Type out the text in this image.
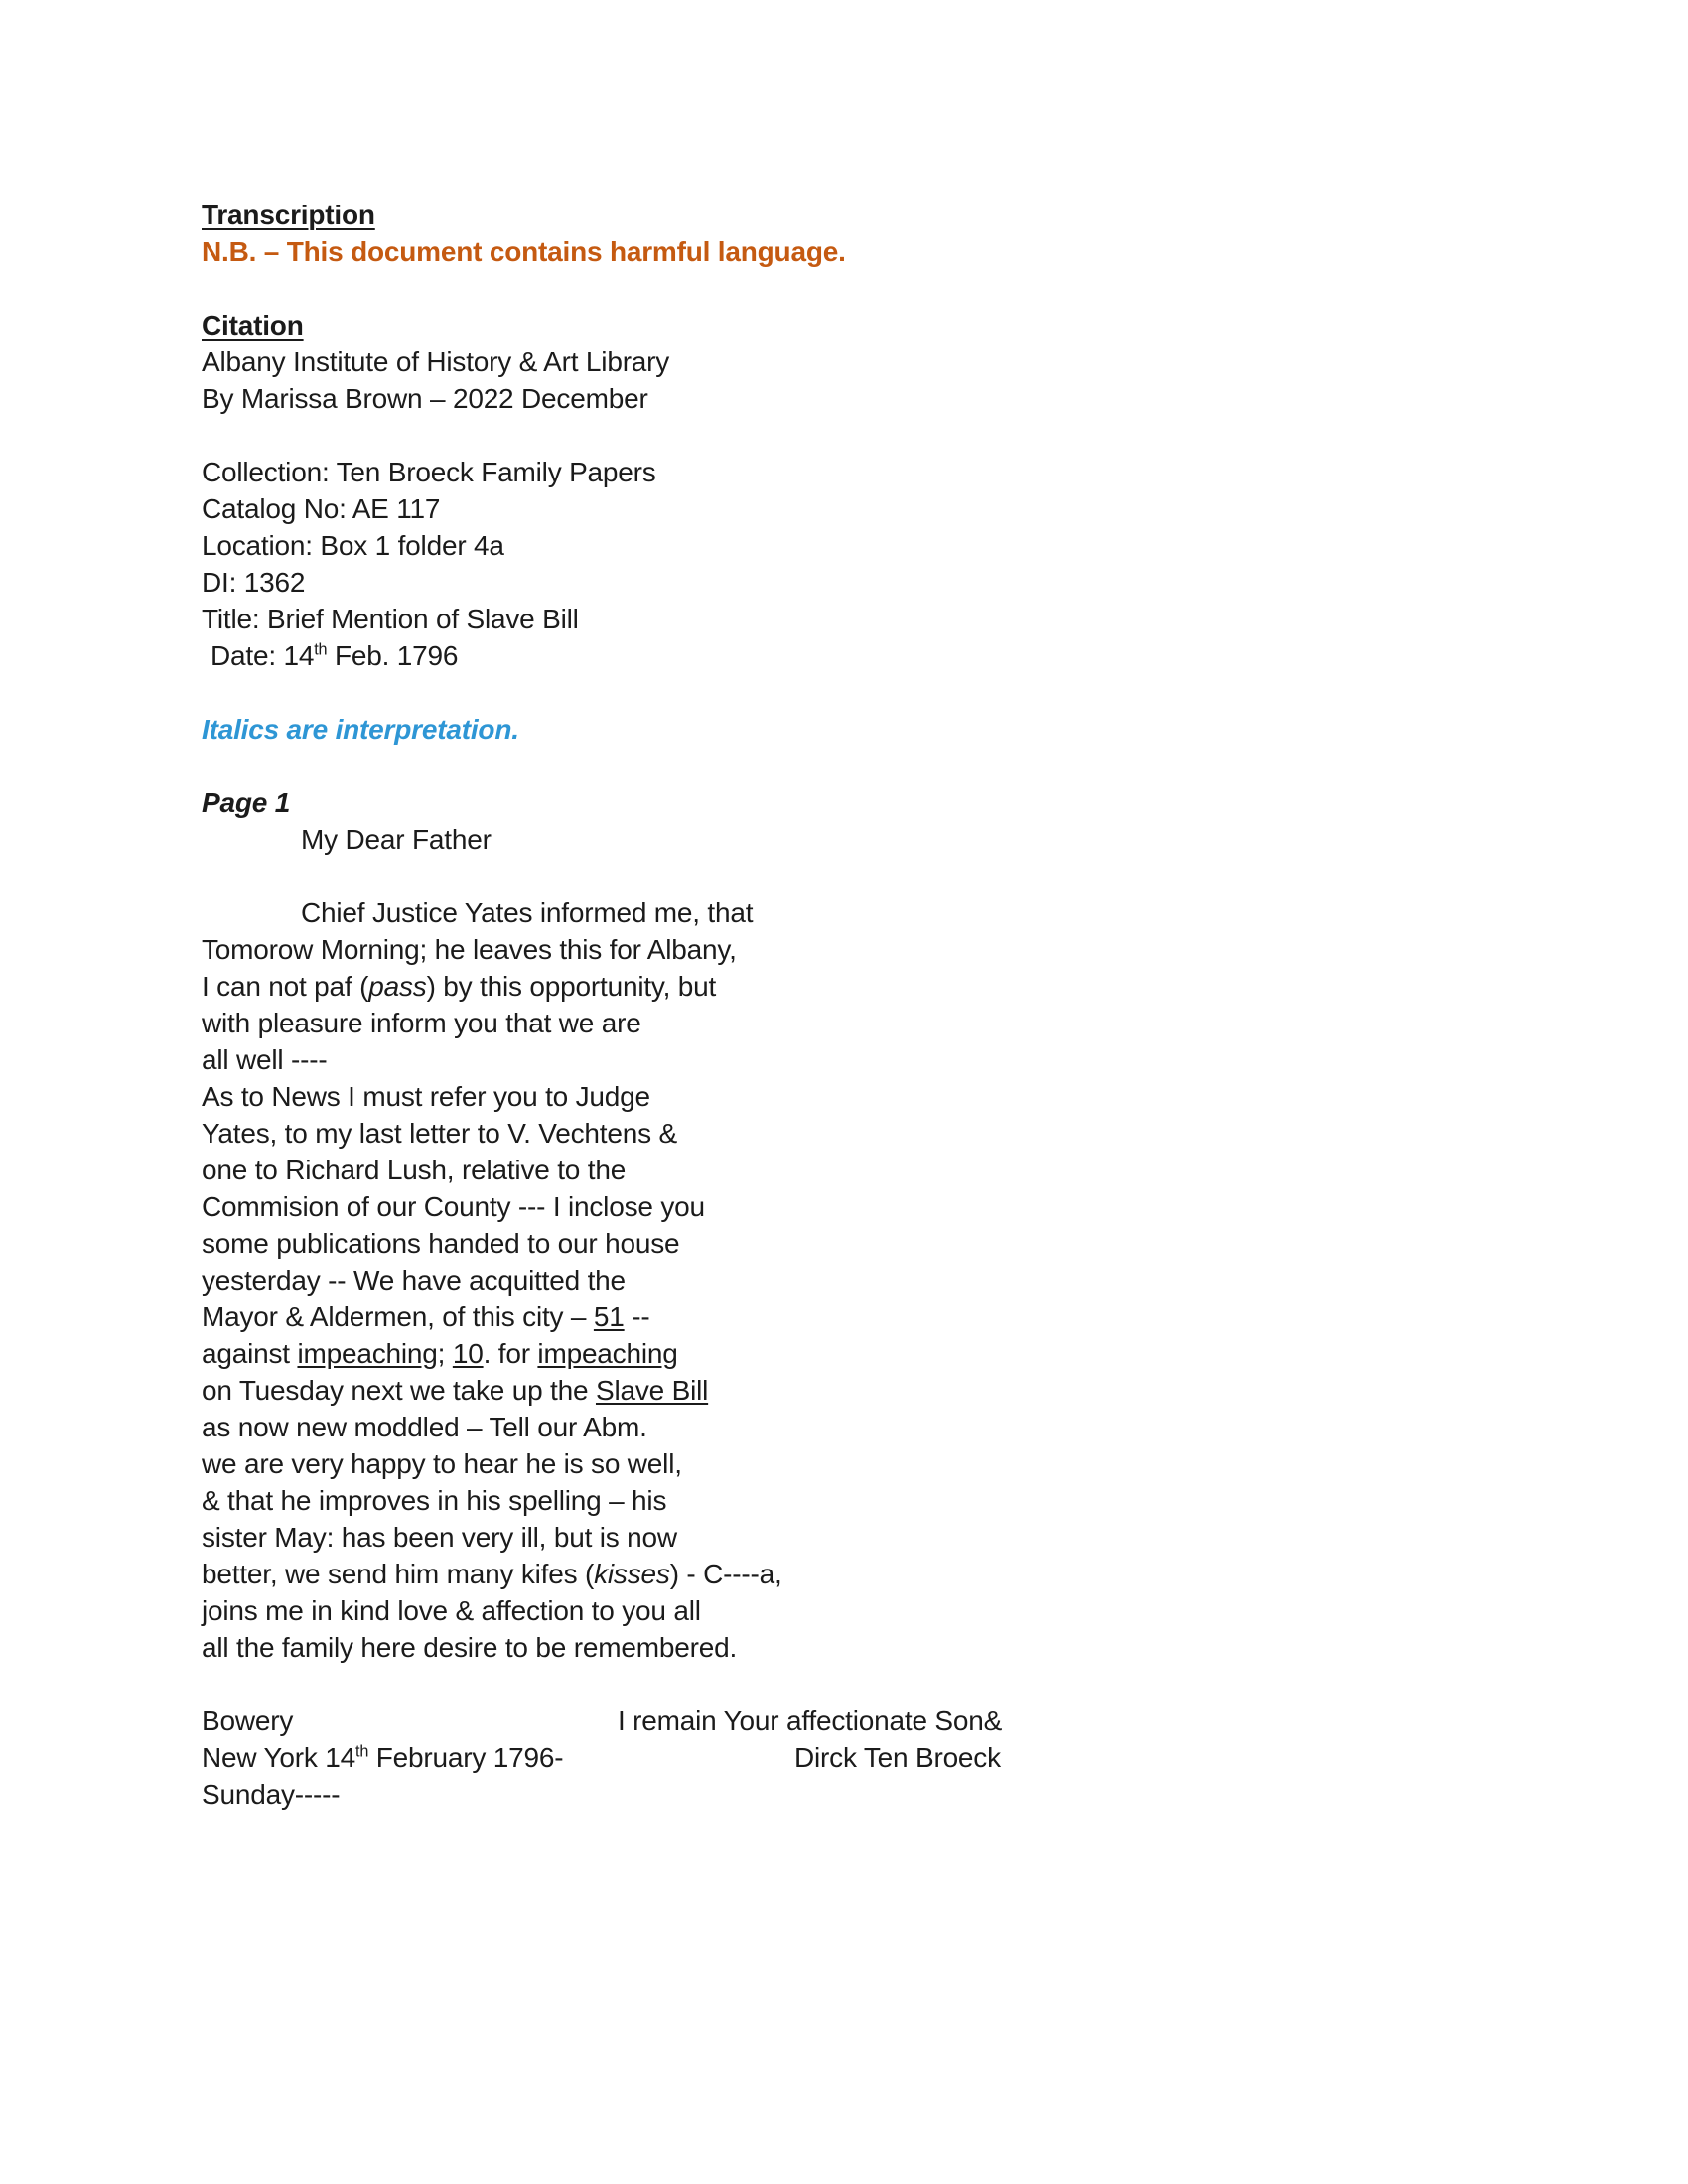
Transcription
N.B. – This document contains harmful language.
Citation
Albany Institute of History & Art Library
By Marissa Brown – 2022 December
Collection: Ten Broeck Family Papers
Catalog No: AE 117
Location: Box 1 folder 4a
DI: 1362
Title: Brief Mention of Slave Bill
Date: 14th Feb. 1796
Italics are interpretation.
Page 1
My Dear Father
Chief Justice Yates informed me, that
Tomorow Morning; he leaves this for Albany,
I can not paf (pass) by this opportunity, but
with pleasure inform you that we are
all well ----
As to News I must refer you to Judge
Yates, to my last letter to V. Vechtens &
one to Richard Lush, relative to the
Commision of our County --- I inclose you
some publications handed to our house
yesterday -- We have acquitted the
Mayor & Aldermen, of this city – 51 --
against impeaching; 10. for impeaching
on Tuesday next we take up the Slave Bill
as now new moddled – Tell our Abm.
we are very happy to hear he is so well,
& that he improves in his spelling – his
sister May: has been very ill, but is now
better, we send him many kifes (kisses) - C----a,
joins me in kind love & affection to you all
all the family here desire to be remembered.
Bowery	I remain Your affectionate Son&
New York 14th February 1796-	Dirck Ten Broeck
Sunday-----
